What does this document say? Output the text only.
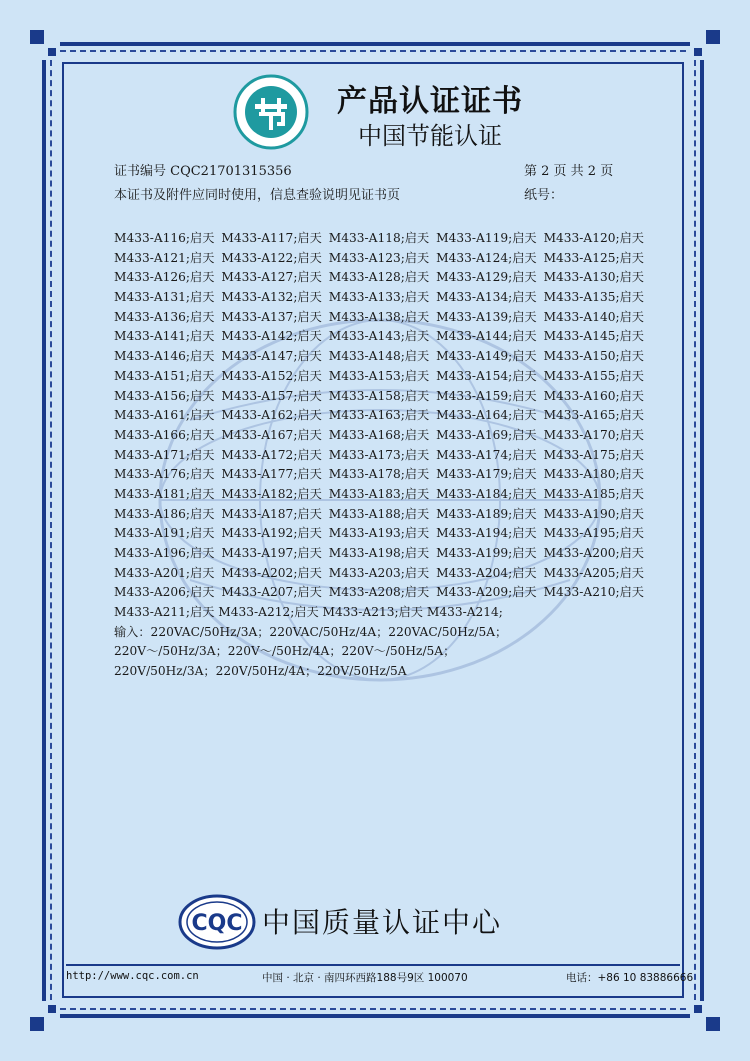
产品认证证书
中国节能认证
证书编号 CQC21701315356	第 2 页 共 2 页
本证书及附件应同时使用，信息查验说明见证书页	纸号：
M433-A116;启天 M433-A117;启天 M433-A118;启天 M433-A119;启天 M433-A120;启天
M433-A121;启天 M433-A122;启天 M433-A123;启天 M433-A124;启天 M433-A125;启天
M433-A126;启天 M433-A127;启天 M433-A128;启天 M433-A129;启天 M433-A130;启天
M433-A131;启天 M433-A132;启天 M433-A133;启天 M433-A134;启天 M433-A135;启天
M433-A136;启天 M433-A137;启天 M433-A138;启天 M433-A139;启天 M433-A140;启天
M433-A141;启天 M433-A142;启天 M433-A143;启天 M433-A144;启天 M433-A145;启天
M433-A146;启天 M433-A147;启天 M433-A148;启天 M433-A149;启天 M433-A150;启天
M433-A151;启天 M433-A152;启天 M433-A153;启天 M433-A154;启天 M433-A155;启天
M433-A156;启天 M433-A157;启天 M433-A158;启天 M433-A159;启天 M433-A160;启天
M433-A161;启天 M433-A162;启天 M433-A163;启天 M433-A164;启天 M433-A165;启天
M433-A166;启天 M433-A167;启天 M433-A168;启天 M433-A169;启天 M433-A170;启天
M433-A171;启天 M433-A172;启天 M433-A173;启天 M433-A174;启天 M433-A175;启天
M433-A176;启天 M433-A177;启天 M433-A178;启天 M433-A179;启天 M433-A180;启天
M433-A181;启天 M433-A182;启天 M433-A183;启天 M433-A184;启天 M433-A185;启天
M433-A186;启天 M433-A187;启天 M433-A188;启天 M433-A189;启天 M433-A190;启天
M433-A191;启天 M433-A192;启天 M433-A193;启天 M433-A194;启天 M433-A195;启天
M433-A196;启天 M433-A197;启天 M433-A198;启天 M433-A199;启天 M433-A200;启天
M433-A201;启天 M433-A202;启天 M433-A203;启天 M433-A204;启天 M433-A205;启天
M433-A206;启天 M433-A207;启天 M433-A208;启天 M433-A209;启天 M433-A210;启天
M433-A211;启天 M433-A212;启天 M433-A213;启天 M433-A214;
输入：220VAC/50Hz/3A；220VAC/50Hz/4A；220VAC/50Hz/5A；
220V～/50Hz/3A；220V～/50Hz/4A；220V～/50Hz/5A；
220V/50Hz/3A；220V/50Hz/4A；220V/50Hz/5A
CQC 中国质量认证中心
http://www.cqc.com.cn	中国 · 北京 · 南四环西路188号9区 100070	电话：+86 10 83886666
